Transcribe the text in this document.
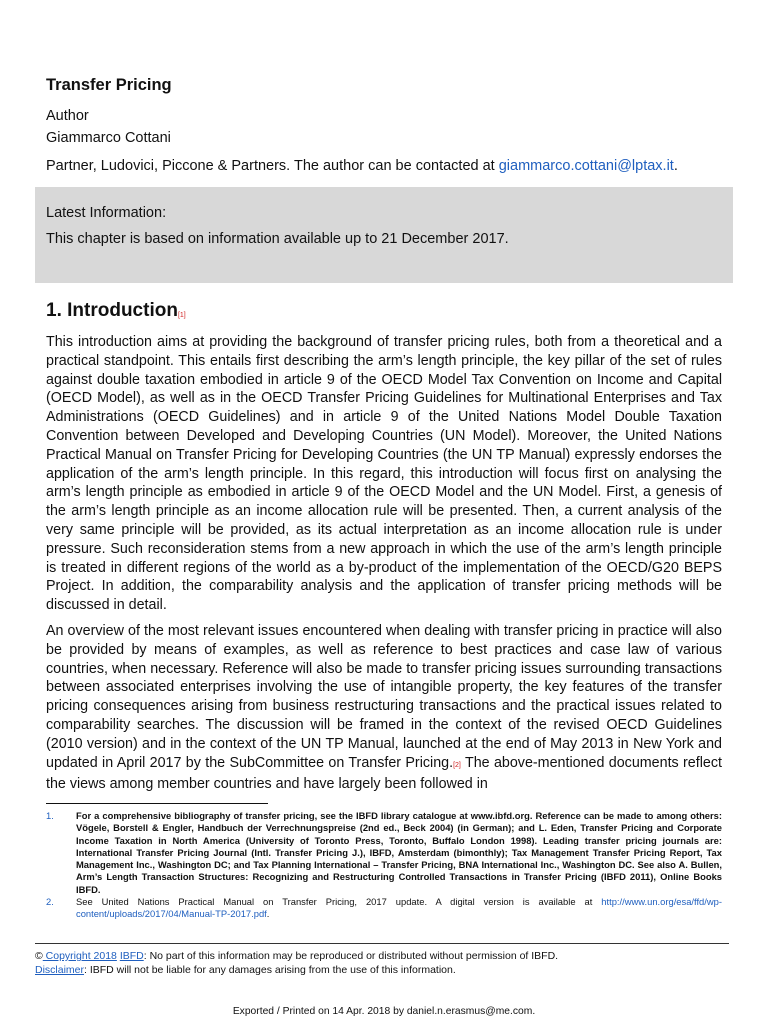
Transfer Pricing
Author
Giammarco Cottani
Partner, Ludovici, Piccone & Partners. The author can be contacted at giammarco.cottani@lptax.it.
Latest Information:
This chapter is based on information available up to 21 December 2017.
1. Introduction[1]
This introduction aims at providing the background of transfer pricing rules, both from a theoretical and a practical standpoint. This entails first describing the arm’s length principle, the key pillar of the set of rules against double taxation embodied in article 9 of the OECD Model Tax Convention on Income and Capital (OECD Model), as well as in the OECD Transfer Pricing Guidelines for Multinational Enterprises and Tax Administrations (OECD Guidelines) and in article 9 of the United Nations Model Double Taxation Convention between Developed and Developing Countries (UN Model). Moreover, the United Nations Practical Manual on Transfer Pricing for Developing Countries (the UN TP Manual) expressly endorses the application of the arm’s length principle. In this regard, this introduction will focus first on analysing the arm’s length principle as embodied in article 9 of the OECD Model and the UN Model. First, a genesis of the arm’s length principle as an income allocation rule will be presented. Then, a current analysis of the very same principle will be provided, as its actual interpretation as an income allocation rule is under pressure. Such reconsideration stems from a new approach in which the use of the arm’s length principle is treated in different regions of the world as a by-product of the implementation of the OECD/G20 BEPS Project. In addition, the comparability analysis and the application of transfer pricing methods will be discussed in detail.
An overview of the most relevant issues encountered when dealing with transfer pricing in practice will also be provided by means of examples, as well as reference to best practices and case law of various countries, when necessary. Reference will also be made to transfer pricing issues surrounding transactions between associated enterprises involving the use of intangible property, the key features of the transfer pricing consequences arising from business restructuring transactions and the practical issues related to comparability searches. The discussion will be framed in the context of the revised OECD Guidelines (2010 version) and in the context of the UN TP Manual, launched at the end of May 2013 in New York and updated in April 2017 by the SubCommittee on Transfer Pricing.[2] The above-mentioned documents reflect the views among member countries and have largely been followed in
1. For a comprehensive bibliography of transfer pricing, see the IBFD library catalogue at www.ibfd.org. Reference can be made to among others: Vögele, Borstell & Engler, Handbuch der Verrechnungspreise (2nd ed., Beck 2004) (in German); and L. Eden, Transfer Pricing and Corporate Income Taxation in North America (University of Toronto Press, Toronto, Buffalo London 1998). Leading transfer pricing journals are: International Transfer Pricing Journal (Intl. Transfer Pricing J.), IBFD, Amsterdam (bimonthly); Tax Management Transfer Pricing Report, Tax Management Inc., Washington DC; and Tax Planning International – Transfer Pricing, BNA International Inc., Washington DC. See also A. Bullen, Arm’s Length Transaction Structures: Recognizing and Restructuring Controlled Transactions in Transfer Pricing (IBFD 2011), Online Books IBFD.
2. See United Nations Practical Manual on Transfer Pricing, 2017 update. A digital version is available at http://www.un.org/esa/ffd/wp-content/uploads/2017/04/Manual-TP-2017.pdf.
© Copyright 2018 IBFD: No part of this information may be reproduced or distributed without permission of IBFD.
Disclaimer: IBFD will not be liable for any damages arising from the use of this information.
Exported / Printed on 14 Apr. 2018 by daniel.n.erasmus@me.com.
